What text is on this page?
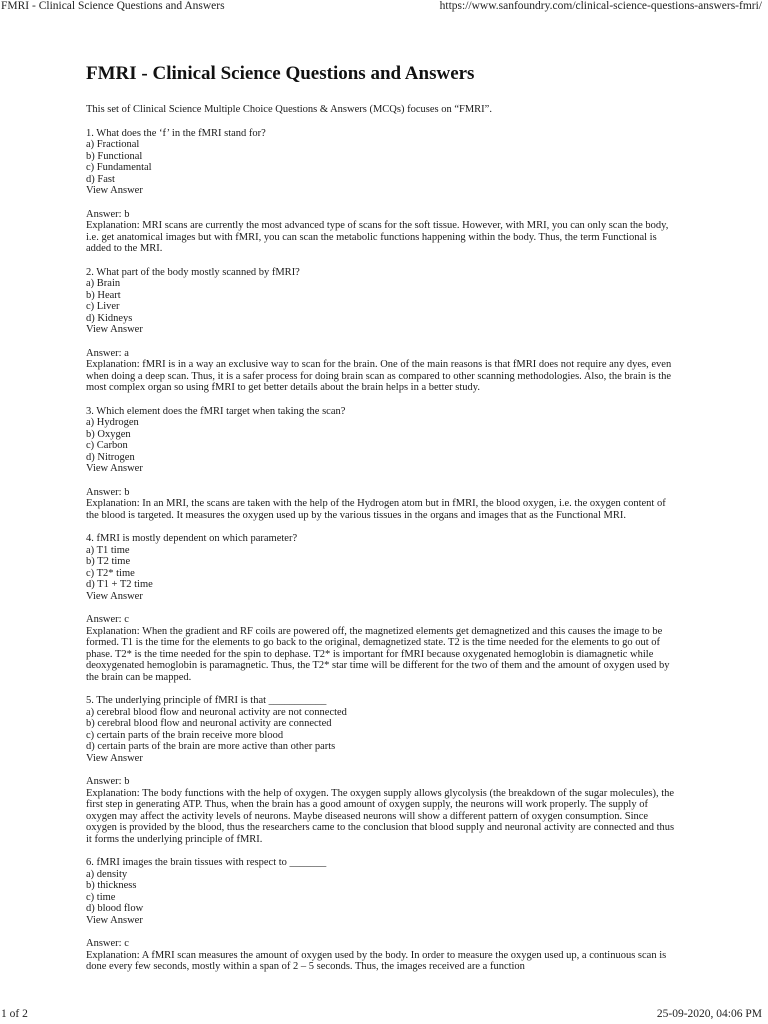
FMRI - Clinical Science Questions and Answers	https://www.sanfoundry.com/clinical-science-questions-answers-fmri/
FMRI - Clinical Science Questions and Answers

This set of Clinical Science Multiple Choice Questions & Answers (MCQs) focuses on “FMRI”.

1. What does the ‘f’ in the fMRI stand for?
a) Fractional
b) Functional
c) Fundamental
d) Fast
View Answer
Answer: b
Explanation: MRI scans are currently the most advanced type of scans for the soft tissue. However, with MRI, you can only scan the body, i.e. get anatomical images but with fMRI, you can scan the metabolic functions happening within the body. Thus, the term Functional is added to the MRI.
2. What part of the body mostly scanned by fMRI?
a) Brain
b) Heart
c) Liver
d) Kidneys
View Answer
Answer: a
Explanation: fMRI is in a way an exclusive way to scan for the brain. One of the main reasons is that fMRI does not require any dyes, even when doing a deep scan. Thus, it is a safer process for doing brain scan as compared to other scanning methodologies. Also, the brain is the most complex organ so using fMRI to get better details about the brain helps in a better study.
3. Which element does the fMRI target when taking the scan?
a) Hydrogen
b) Oxygen
c) Carbon
d) Nitrogen
View Answer
Answer: b
Explanation: In an MRI, the scans are taken with the help of the Hydrogen atom but in fMRI, the blood oxygen, i.e. the oxygen content of the blood is targeted. It measures the oxygen used up by the various tissues in the organs and images that as the Functional MRI.
4. fMRI is mostly dependent on which parameter?
a) T1 time
b) T2 time
c) T2* time
d) T1 + T2 time
View Answer
Answer: c
Explanation: When the gradient and RF coils are powered off, the magnetized elements get demagnetized and this causes the image to be formed. T1 is the time for the elements to go back to the original, demagnetized state. T2 is the time needed for the elements to go out of phase. T2* is the time needed for the spin to dephase. T2* is important for fMRI because oxygenated hemoglobin is diamagnetic while deoxygenated hemoglobin is paramagnetic. Thus, the T2* star time will be different for the two of them and the amount of oxygen used by the brain can be mapped.
5. The underlying principle of fMRI is that ___________
a) cerebral blood flow and neuronal activity are not connected
b) cerebral blood flow and neuronal activity are connected
c) certain parts of the brain receive more blood
d) certain parts of the brain are more active than other parts
View Answer
Answer: b
Explanation: The body functions with the help of oxygen. The oxygen supply allows glycolysis (the breakdown of the sugar molecules), the first step in generating ATP. Thus, when the brain has a good amount of oxygen supply, the neurons will work properly. The supply of oxygen may affect the activity levels of neurons. Maybe diseased neurons will show a different pattern of oxygen consumption. Since oxygen is provided by the blood, thus the researchers came to the conclusion that blood supply and neuronal activity are connected and thus it forms the underlying principle of fMRI.
6. fMRI images the brain tissues with respect to _______
a) density
b) thickness
c) time
d) blood flow
View Answer
Answer: c
Explanation: A fMRI scan measures the amount of oxygen used by the body. In order to measure the oxygen used up, a continuous scan is done every few seconds, mostly within a span of 2 – 5 seconds. Thus, the images received are a function
1 of 2	25-09-2020, 04:06 PM
